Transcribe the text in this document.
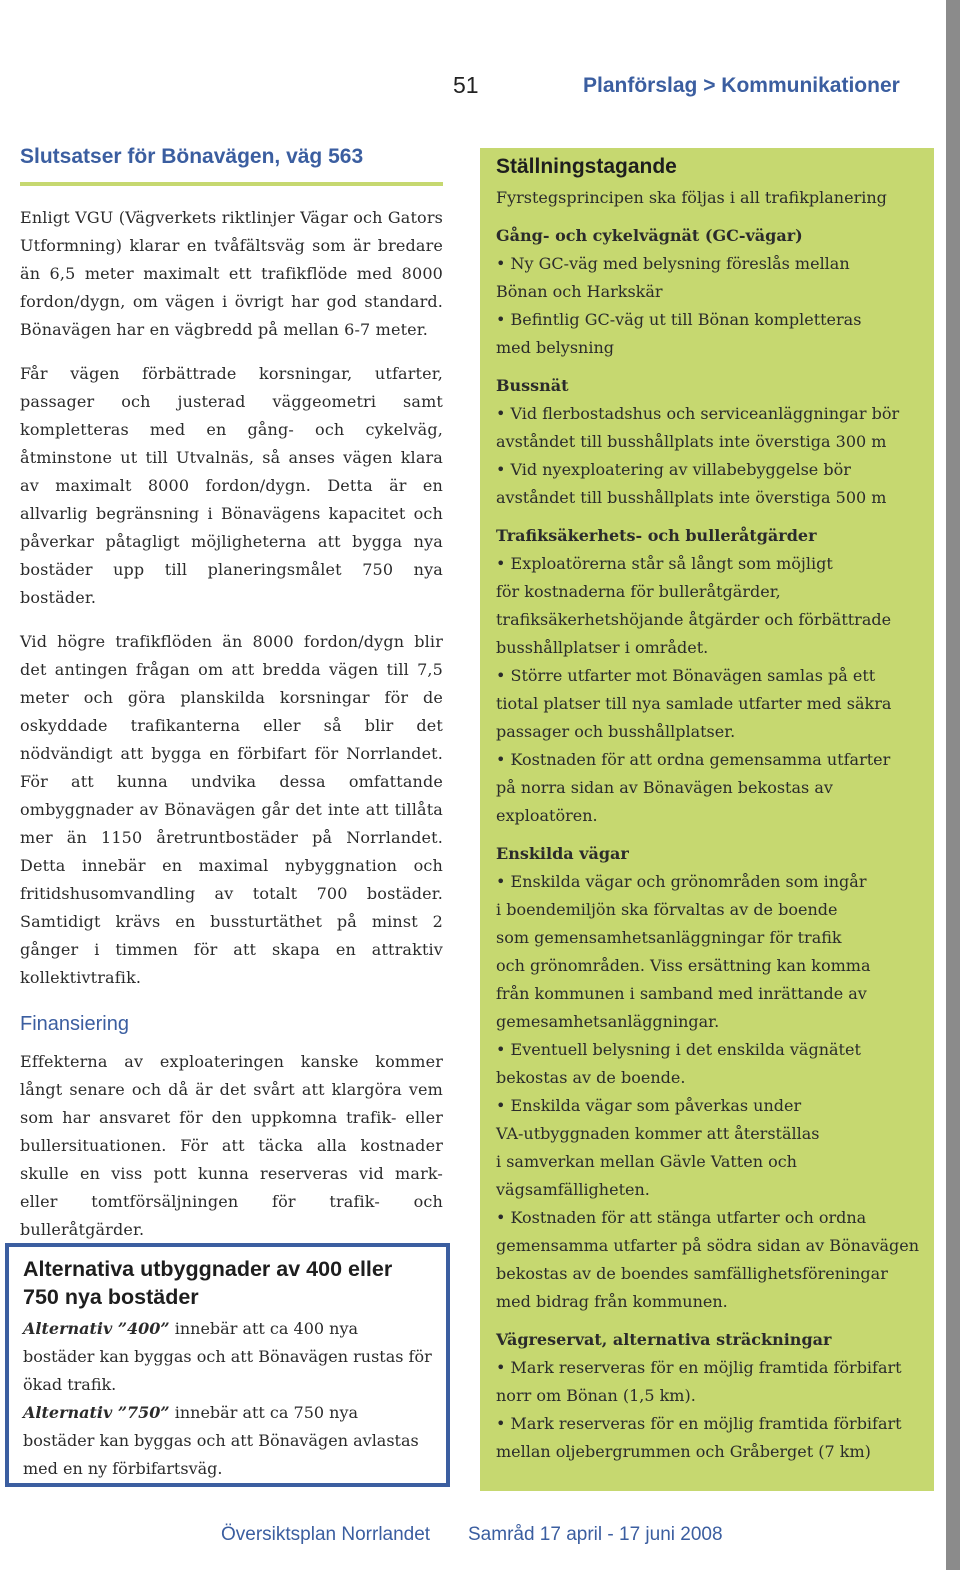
51	Planförslag > Kommunikationer
Slutsatser för Bönavägen, väg 563

Enligt VGU (Vägverkets riktlinjer Vägar och Gators Utformning) klarar en tvåfältsväg som är bredare än 6,5 meter maximalt ett trafikflöde med 8000 fordon/dygn, om vägen i övrigt har god standard. Bönavägen har en vägbredd på mellan 6-7 meter.

Får vägen förbättrade korsningar, utfarter, passager och justerad väggeometri samt kompletteras med en gång- och cykelväg, åtminstone ut till Utvalnäs, så anses vägen klara av maximalt 8000 fordon/dygn. Detta är en allvarlig begränsning i Bönavägens kapacitet och påverkar påtagligt möjligheterna att bygga nya bostäder upp till planeringsmålet 750 nya bostäder.

Vid högre trafikflöden än 8000 fordon/dygn blir det antingen frågan om att bredda vägen till 7,5 meter och göra planskilda korsningar för de oskyddade trafikanterna eller så blir det nödvändigt att bygga en förbifart för Norrlandet. För att kunna undvika dessa omfattande ombyggnader av Bönavägen går det inte att tillåta mer än 1150 åretruntbostäder på Norrlandet. Detta innebär en maximal nybyggnation och fritidshusomvandling av totalt 700 bostäder. Samtidigt krävs en bussturtäthet på minst 2 gånger i timmen för att skapa en attraktiv kollektivtrafik.

Finansiering

Effekterna av exploateringen kanske kommer långt senare och då är det svårt att klargöra vem som har ansvaret för den uppkomna trafik- eller bullersituationen. För att täcka alla kostnader skulle en viss pott kunna reserveras vid mark- eller tomtförsäljningen för trafik- och bulleråtgärder.

Alternativa utbyggnader av 400 eller 750 nya bostäder

Alternativ ”400” innebär att ca 400 nya bostäder kan byggas och att Bönavägen rustas för ökad trafik.

Alternativ ”750” innebär att ca 750 nya bostäder kan byggas och att Bönavägen avlastas med en ny förbifartsväg.

Ställningstagande
Fyrstegsprincipen ska följas i all trafikplanering
Gång- och cykelvägnät (GC-vägar)
• Ny GC-väg med belysning föreslås mellan
Bönan och Harkskär
• Befintlig GC-väg ut till Bönan kompletteras
med belysning
Bussnät
• Vid flerbostadshus och serviceanläggningar bör
avståndet till busshållplats inte överstiga 300 m
• Vid nyexploatering av villabebyggelse bör
avståndet till busshållplats inte överstiga 500 m
Trafiksäkerhets- och bulleråtgärder
• Exploatörerna står så långt som möjligt
för kostnaderna för bulleråtgärder,
trafiksäkerhetshöjande åtgärder och förbättrade
busshållplatser i området.
• Större utfarter mot Bönavägen samlas på ett
tiotal platser till nya samlade utfarter med säkra
passager och busshållplatser.
• Kostnaden för att ordna gemensamma utfarter
på norra sidan av Bönavägen bekostas av
exploatören.
Enskilda vägar
• Enskilda vägar och grönområden som ingår
i boendemiljön ska förvaltas av de boende
som gemensamhetsanläggningar för trafik
och grönområden. Viss ersättning kan komma
från kommunen i samband med inrättande av
gemesamhetsanläggningar.
• Eventuell belysning i det enskilda vägnätet
bekostas av de boende.
• Enskilda vägar som påverkas under
VA-utbyggnaden kommer att återställas
i samverkan mellan Gävle Vatten och
vägsamfälligheten.
• Kostnaden för att stänga utfarter och ordna
gemensamma utfarter på södra sidan av Bönavägen
bekostas av de boendes samfällighetsföreningar
med bidrag från kommunen.
Vägreservat, alternativa sträckningar
• Mark reserveras för en möjlig framtida förbifart
norr om Bönan (1,5 km).
• Mark reserveras för en möjlig framtida förbifart
mellan oljebergrummen och Gråberget (7 km)
Översiktsplan Norrlandet Samråd 17 april - 17 juni 2008
